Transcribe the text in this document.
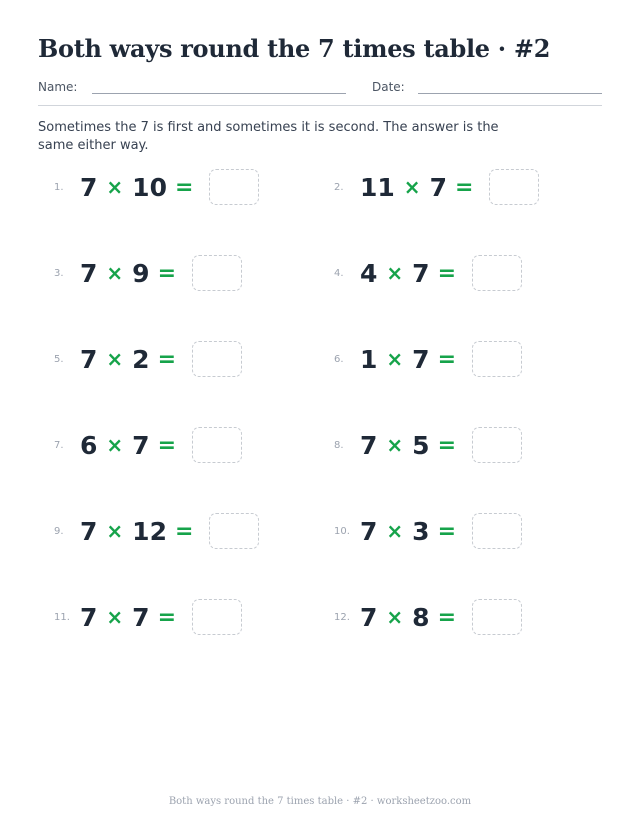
Both ways round the 7 times table · #2
Name:	Date:
Sometimes the 7 is first and sometimes it is second. The answer is the same either way.
1. 7 × 10 =	2. 11 × 7 =
3. 7 × 9 =	4. 4 × 7 =
5. 7 × 2 =	6. 1 × 7 =
7. 6 × 7 =	8. 7 × 5 =
9. 7 × 12 =	10. 7 × 3 =
11. 7 × 7 =	12. 7 × 8 =
Both ways round the 7 times table · #2 · worksheetzoo.com
